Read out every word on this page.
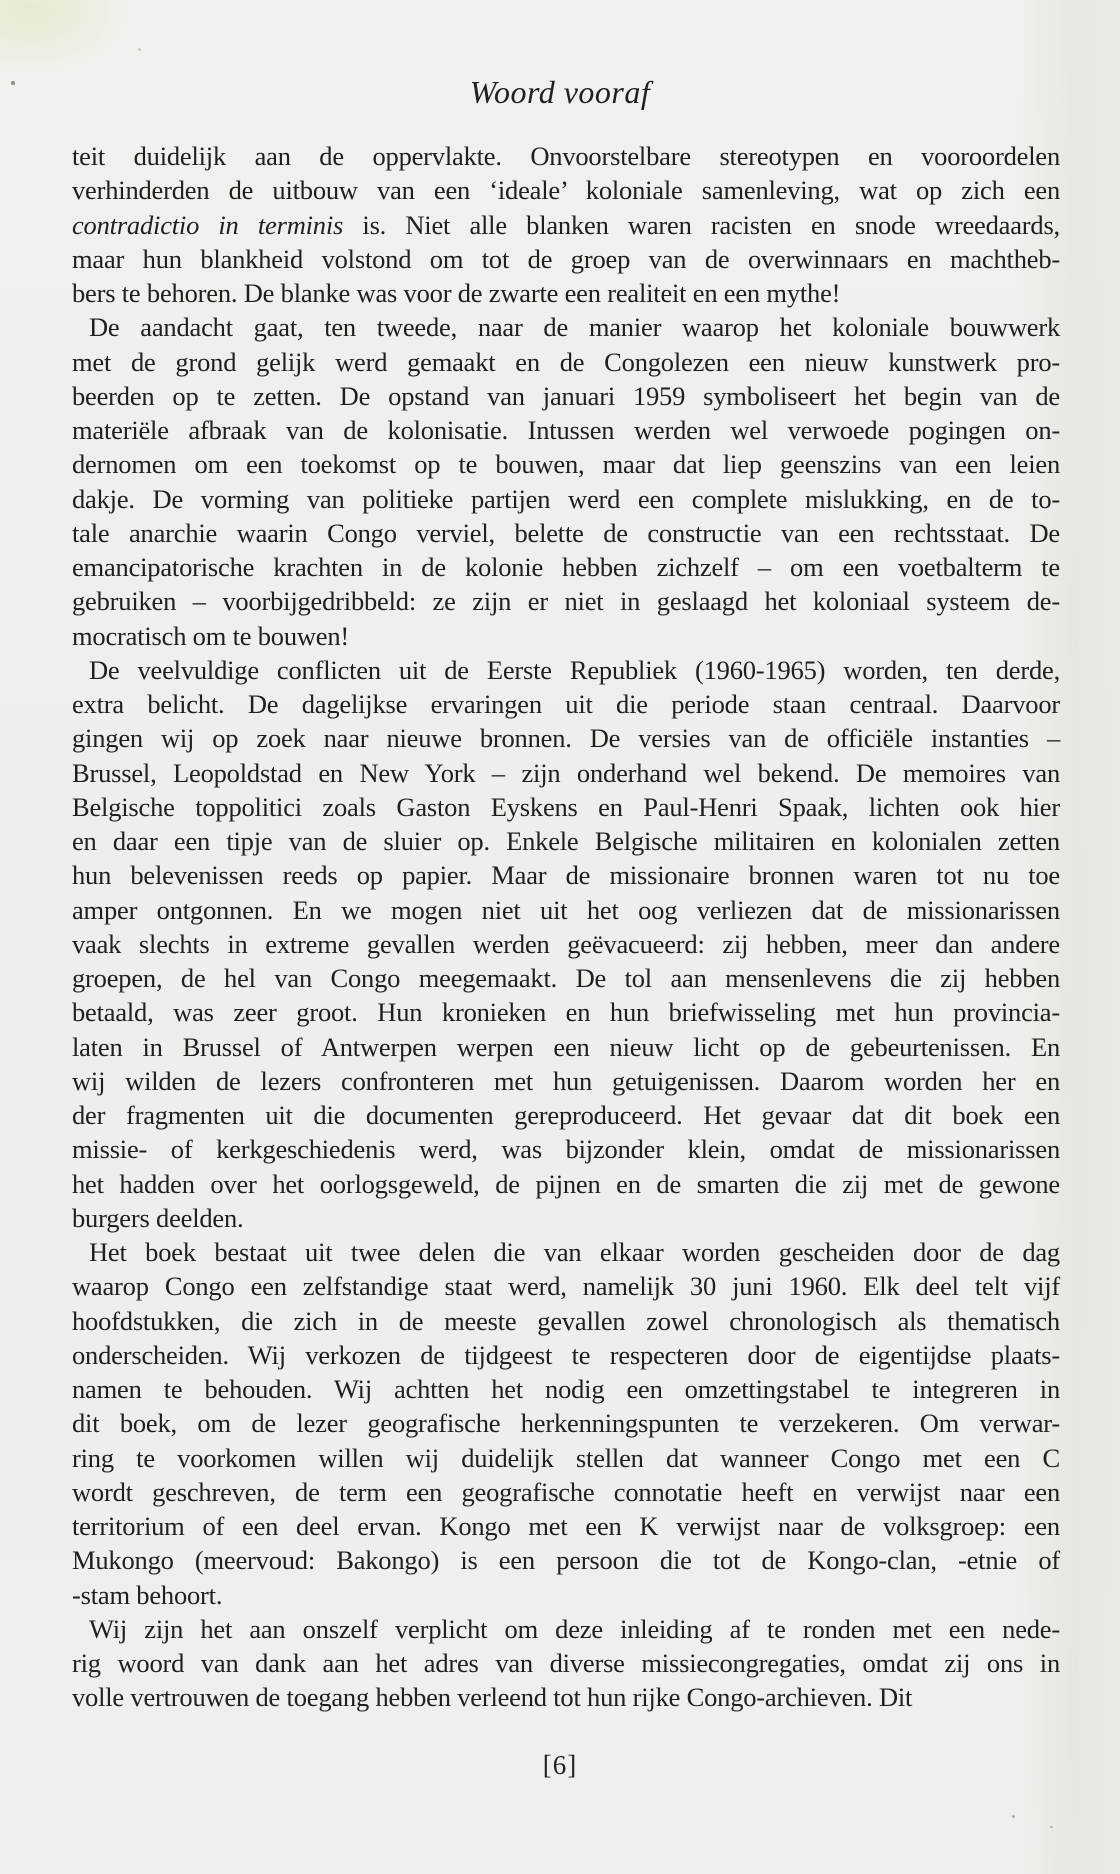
Woord vooraf
teit duidelijk aan de oppervlakte. Onvoorstelbare stereotypen en vooroordelen
verhinderden de uitbouw van een ‘ideale’ koloniale samenleving, wat op zich een
contradictio in terminis is. Niet alle blanken waren racisten en snode wreedaards,
maar hun blankheid volstond om tot de groep van de overwinnaars en machtheb-
bers te behoren. De blanke was voor de zwarte een realiteit en een mythe!
De aandacht gaat, ten tweede, naar de manier waarop het koloniale bouwwerk
met de grond gelijk werd gemaakt en de Congolezen een nieuw kunstwerk pro-
beerden op te zetten. De opstand van januari 1959 symboliseert het begin van de
materiële afbraak van de kolonisatie. Intussen werden wel verwoede pogingen on-
dernomen om een toekomst op te bouwen, maar dat liep geenszins van een leien
dakje. De vorming van politieke partijen werd een complete mislukking, en de to-
tale anarchie waarin Congo verviel, belette de constructie van een rechtsstaat. De
emancipatorische krachten in de kolonie hebben zichzelf – om een voetbalterm te
gebruiken – voorbijgedribbeld: ze zijn er niet in geslaagd het koloniaal systeem de-
mocratisch om te bouwen!
De veelvuldige conflicten uit de Eerste Republiek (1960-1965) worden, ten derde,
extra belicht. De dagelijkse ervaringen uit die periode staan centraal. Daarvoor
gingen wij op zoek naar nieuwe bronnen. De versies van de officiële instanties –
Brussel, Leopoldstad en New York – zijn onderhand wel bekend. De memoires van
Belgische toppolitici zoals Gaston Eyskens en Paul-Henri Spaak, lichten ook hier
en daar een tipje van de sluier op. Enkele Belgische militairen en kolonialen zetten
hun belevenissen reeds op papier. Maar de missionaire bronnen waren tot nu toe
amper ontgonnen. En we mogen niet uit het oog verliezen dat de missionarissen
vaak slechts in extreme gevallen werden geëvacueerd: zij hebben, meer dan andere
groepen, de hel van Congo meegemaakt. De tol aan mensenlevens die zij hebben
betaald, was zeer groot. Hun kronieken en hun briefwisseling met hun provincia-
laten in Brussel of Antwerpen werpen een nieuw licht op de gebeurtenissen. En
wij wilden de lezers confronteren met hun getuigenissen. Daarom worden her en
der fragmenten uit die documenten gereproduceerd. Het gevaar dat dit boek een
missie- of kerkgeschiedenis werd, was bijzonder klein, omdat de missionarissen
het hadden over het oorlogsgeweld, de pijnen en de smarten die zij met de gewone
burgers deelden.
Het boek bestaat uit twee delen die van elkaar worden gescheiden door de dag
waarop Congo een zelfstandige staat werd, namelijk 30 juni 1960. Elk deel telt vijf
hoofdstukken, die zich in de meeste gevallen zowel chronologisch als thematisch
onderscheiden. Wij verkozen de tijdgeest te respecteren door de eigentijdse plaats-
namen te behouden. Wij achtten het nodig een omzettingstabel te integreren in
dit boek, om de lezer geografische herkenningspunten te verzekeren. Om verwar-
ring te voorkomen willen wij duidelijk stellen dat wanneer Congo met een C
wordt geschreven, de term een geografische connotatie heeft en verwijst naar een
territorium of een deel ervan. Kongo met een K verwijst naar de volksgroep: een
Mukongo (meervoud: Bakongo) is een persoon die tot de Kongo-clan, -etnie of
-stam behoort.
Wij zijn het aan onszelf verplicht om deze inleiding af te ronden met een nede-
rig woord van dank aan het adres van diverse missiecongregaties, omdat zij ons in
volle vertrouwen de toegang hebben verleend tot hun rijke Congo-archieven. Dit
[6]
